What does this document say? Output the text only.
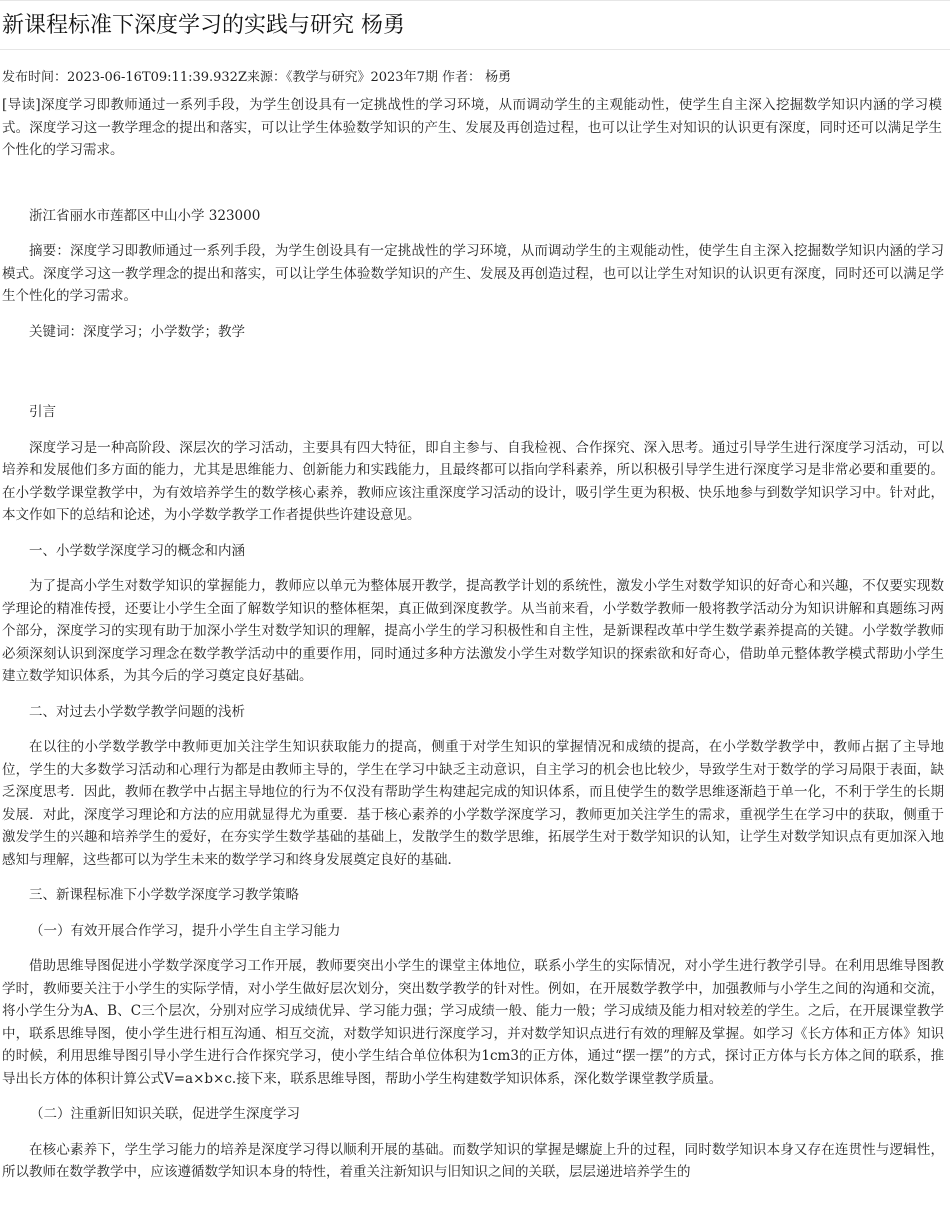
新课程标准下深度学习的实践与研究 杨勇
发布时间：2023-06-16T09:11:39.932Z来源：《教学与研究》2023年7期 作者： 杨勇
[导读]深度学习即教师通过一系列手段，为学生创设具有一定挑战性的学习环境，从而调动学生的主观能动性，使学生自主深入挖掘数学知识内涵的学习模式。深度学习这一教学理念的提出和落实，可以让学生体验数学知识的产生、发展及再创造过程，也可以让学生对知识的认识更有深度，同时还可以满足学生个性化的学习需求。

浙江省丽水市莲都区中山小学 323000

摘要：深度学习即教师通过一系列手段，为学生创设具有一定挑战性的学习环境，从而调动学生的主观能动性，使学生自主深入挖掘数学知识内涵的学习模式。深度学习这一教学理念的提出和落实，可以让学生体验数学知识的产生、发展及再创造过程，也可以让学生对知识的认识更有深度，同时还可以满足学生个性化的学习需求。

关键词：深度学习；小学数学；教学

引言

深度学习是一种高阶段、深层次的学习活动，主要具有四大特征，即自主参与、自我检视、合作探究、深入思考。通过引导学生进行深度学习活动，可以培养和发展他们多方面的能力，尤其是思维能力、创新能力和实践能力，且最终都可以指向学科素养，所以积极引导学生进行深度学习是非常必要和重要的。在小学数学课堂教学中，为有效培养学生的数学核心素养，教师应该注重深度学习活动的设计，吸引学生更为积极、快乐地参与到数学知识学习中。针对此，本文作如下的总结和论述，为小学数学教学工作者提供些许建设意见。

一、小学数学深度学习的概念和内涵

为了提高小学生对数学知识的掌握能力，教师应以单元为整体展开教学，提高教学计划的系统性，激发小学生对数学知识的好奇心和兴趣，不仅要实现数学理论的精准传授，还要让小学生全面了解数学知识的整体框架，真正做到深度教学。从当前来看，小学数学教师一般将教学活动分为知识讲解和真题练习两个部分，深度学习的实现有助于加深小学生对数学知识的理解，提高小学生的学习积极性和自主性，是新课程改革中学生数学素养提高的关键。小学数学教师必须深刻认识到深度学习理念在数学教学活动中的重要作用，同时通过多种方法激发小学生对数学知识的探索欲和好奇心，借助单元整体教学模式帮助小学生建立数学知识体系，为其今后的学习奠定良好基础。

二、对过去小学数学教学问题的浅析

在以往的小学数学教学中教师更加关注学生知识获取能力的提高，侧重于对学生知识的掌握情况和成绩的提高，在小学数学教学中，教师占据了主导地位，学生的大多数学习活动和心理行为都是由教师主导的，学生在学习中缺乏主动意识，自主学习的机会也比较少，导致学生对于数学的学习局限于表面，缺乏深度思考．因此，教师在教学中占据主导地位的行为不仅没有帮助学生构建起完成的知识体系，而且使学生的数学思维逐渐趋于单一化，不利于学生的长期发展．对此，深度学习理论和方法的应用就显得尤为重要．基于核心素养的小学数学深度学习，教师更加关注学生的需求，重视学生在学习中的获取，侧重于激发学生的兴趣和培养学生的爱好，在夯实学生数学基础的基础上，发散学生的数学思维，拓展学生对于数学知识的认知，让学生对数学知识点有更加深入地感知与理解，这些都可以为学生未来的数学学习和终身发展奠定良好的基础．

三、新课程标准下小学数学深度学习教学策略

（一）有效开展合作学习，提升小学生自主学习能力

借助思维导图促进小学数学深度学习工作开展，教师要突出小学生的课堂主体地位，联系小学生的实际情况，对小学生进行教学引导。在利用思维导图教学时，教师要关注于小学生的实际学情，对小学生做好层次划分，突出数学教学的针对性。例如，在开展数学教学中，加强教师与小学生之间的沟通和交流，将小学生分为A、B、C三个层次，分别对应学习成绩优异、学习能力强；学习成绩一般、能力一般；学习成绩及能力相对较差的学生。之后，在开展课堂教学中，联系思维导图，使小学生进行相互沟通、相互交流，对数学知识进行深度学习，并对数学知识点进行有效的理解及掌握。如学习《长方体和正方体》知识的时候，利用思维导图引导小学生进行合作探究学习，使小学生结合单位体积为1cm3的正方体，通过“摆一摆”的方式，探讨正方体与长方体之间的联系，推导出长方体的体积计算公式V=a×b×c.接下来，联系思维导图，帮助小学生构建数学知识体系，深化数学课堂教学质量。

（二）注重新旧知识关联，促进学生深度学习

在核心素养下，学生学习能力的培养是深度学习得以顺利开展的基础。而数学知识的掌握是螺旋上升的过程，同时数学知识本身又存在连贯性与逻辑性，所以教师在数学教学中，应该遵循数学知识本身的特性，着重关注新知识与旧知识之间的关联，层层递进培养学生的
